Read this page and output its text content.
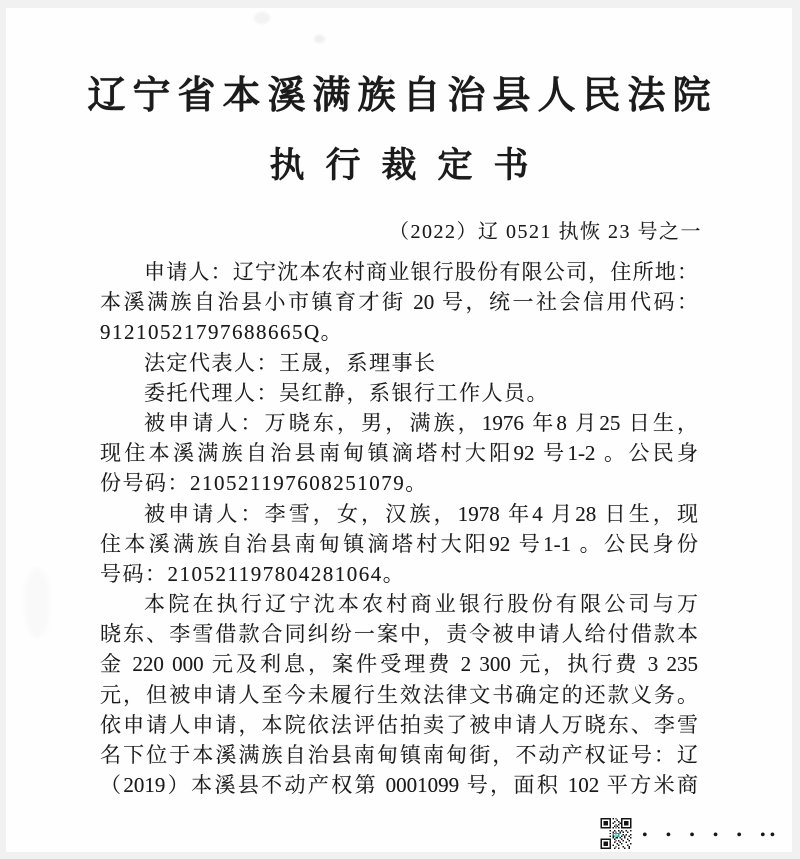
辽宁省本溪满族自治县人民法院
执行裁定书
（2022）辽 0521 执恢 23 号之一
申请人：辽宁沈本农村商业银行股份有限公司，住所地：
本溪满族自治县小市镇育才街 20 号，统一社会信用代码：
91210521797688665Q。
法定代表人：王晟，系理事长
委托代理人：吴红静，系银行工作人员。
被申请人：万晓东，男，满族，1976 年8 月25 日生，
现住本溪满族自治县南甸镇滴塔村大阳92 号1-2 。公民身
份号码：210521197608251079。
被申请人：李雪，女，汉族，1978 年4 月28 日生，现
住本溪满族自治县南甸镇滴塔村大阳92 号1-1 。公民身份
号码：210521197804281064。
本院在执行辽宁沈本农村商业银行股份有限公司与万
晓东、李雪借款合同纠纷一案中，责令被申请人给付借款本
金 220 000 元及利息，案件受理费 2 300 元，执行费 3 235
元，但被申请人至今未履行生效法律文书确定的还款义务。
依申请人申请，本院依法评估拍卖了被申请人万晓东、李雪
名下位于本溪满族自治县南甸镇南甸街，不动产权证号：辽
（2019）本溪县不动产权第 0001099 号，面积 102 平方米商
• • • • • ••
